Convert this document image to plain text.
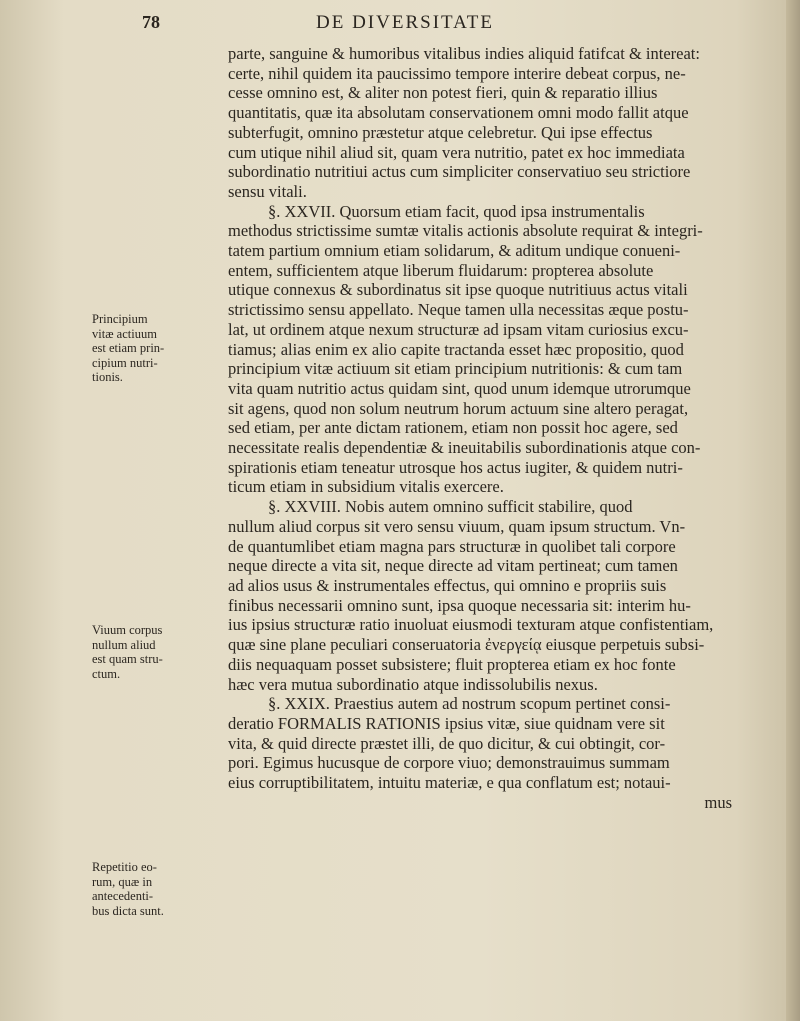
78	DE DIVERSITATE

parte, sanguine & humoribus vitalibus indies aliquid fatifcat & intereat:
certe, nihil quidem ita paucissimo tempore interire debeat corpus, ne-
cesse omnino est, & aliter non potest fieri, quin & reparatio illius
quantitatis, quæ ita absolutam conservationem omni modo fallit atque
subterfugit, omnino præstetur atque celebretur. Qui ipse effectus
cum utique nihil aliud sit, quam vera nutritio, patet ex hoc immediata
subordinatio nutritiui actus cum simpliciter conservatiuo seu strictiore
sensu vitali.

§. XXVII. Quorsum etiam facit, quod ipsa instrumentalis
methodus strictissime sumtæ vitalis actionis absolute requirat & integri-
tatem partium omnium etiam solidarum, & aditum undique conueni-
entem, sufficientem atque liberum fluidarum: propterea absolute
utique connexus & subordinatus sit ipse quoque nutritiuus actus vitali
strictissimo sensu appellato. Neque tamen ulla necessitas æque postu-
lat, ut ordinem atque nexum structuræ ad ipsam vitam curiosius excu-
tiamus; alias enim ex alio capite tractanda esset hæc propositio, quod
principium vitæ actiuum sit etiam principium nutritionis: & cum tam
vita quam nutritio actus quidam sint, quod unum idemque utrorumque
sit agens, quod non solum neutrum horum actuum sine altero peragat,
sed etiam, per ante dictam rationem, etiam non possit hoc agere, sed
necessitate realis dependentiæ & ineuitabilis subordinationis atque con-
spirationis etiam teneatur utrosque hos actus iugiter, & quidem nutri-
ticum etiam in subsidium vitalis exercere.

§. XXVIII. Nobis autem omnino sufficit stabilire, quod
nullum aliud corpus sit vero sensu viuum, quam ipsum structum. Vn-
de quantumlibet etiam magna pars structuræ in quolibet tali corpore
neque directe a vita sit, neque directe ad vitam pertineat; cum tamen
ad alios usus & instrumentales effectus, qui omnino e propriis suis
finibus necessarii omnino sunt, ipsa quoque necessaria sit: interim hu-
ius ipsius structuræ ratio inuoluat eiusmodi texturam atque confistentiam,
quæ sine plane peculiari conseruatoria ἐνεργείᾳ eiusque perpetuis subsi-
diis nequaquam posset subsistere; fluit propterea etiam ex hoc fonte
hæc vera mutua subordinatio atque indissolubilis nexus.

§. XXIX. Praestius autem ad nostrum scopum pertinet consi-
deratio FORMALIS RATIONIS ipsius vitæ, siue quidnam vere sit
vita, & quid directe præstet illi, de quo dicitur, & cui obtingit, cor-
pori. Egimus hucusque de corpore viuo; demonstrauimus summam
eius corruptibilitatem, intuitu materiæ, e qua conflatum est; notaui-
mus

Principium
vitæ actiuum
est etiam prin-
cipium nutri-
tionis.
Viuum corpus
nullum aliud
est quam stru-
ctum.
Repetitio eo-
rum, quæ in
antecedenti-
bus dicta sunt.
